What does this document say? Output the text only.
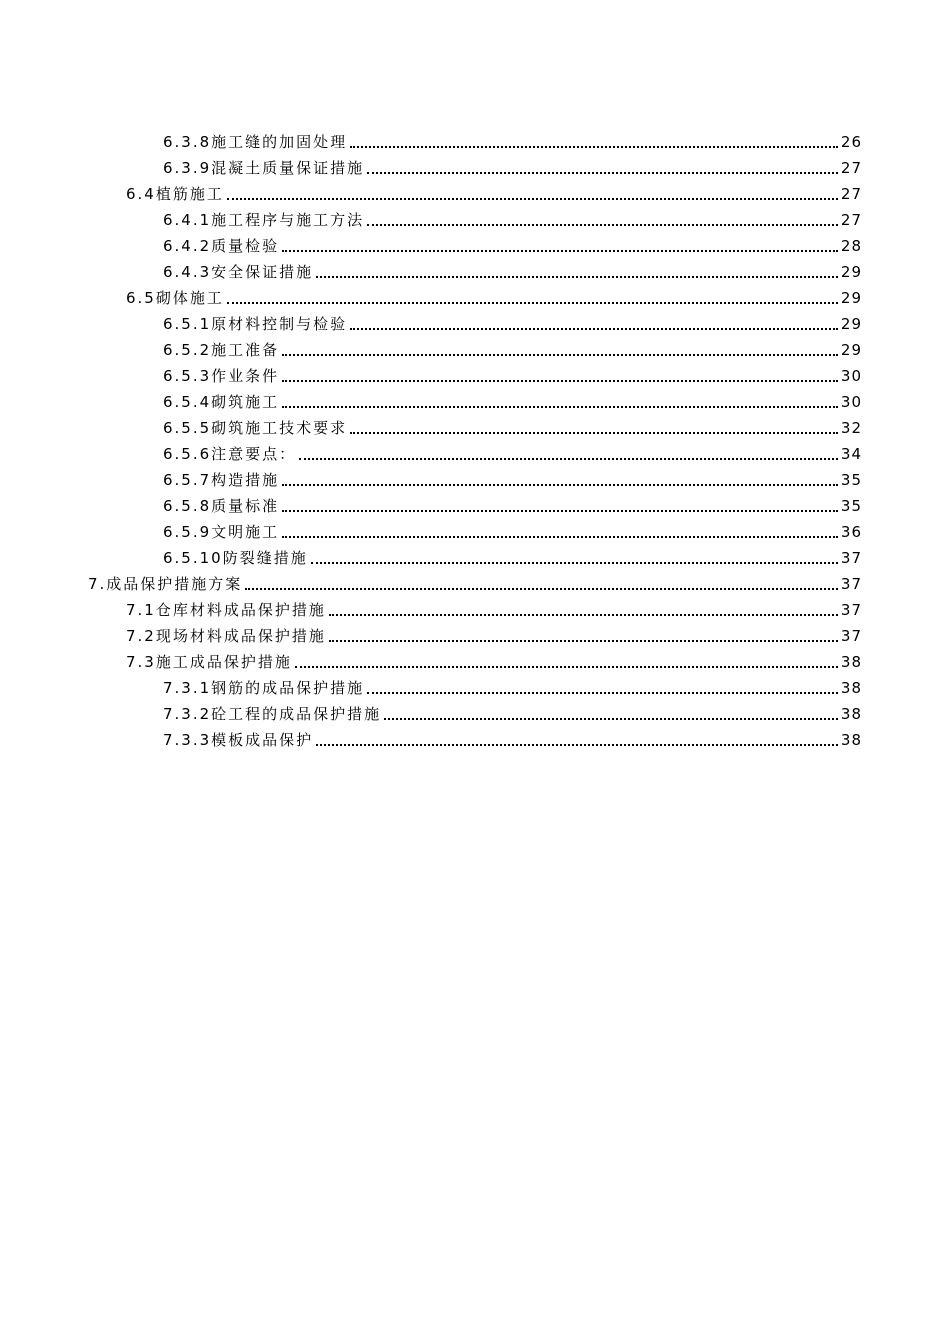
6.3.8施工缝的加固处理	26
6.3.9混凝土质量保证措施	27
6.4植筋施工	27
6.4.1施工程序与施工方法	27
6.4.2质量检验	28
6.4.3安全保证措施	29
6.5砌体施工	29
6.5.1原材料控制与检验	29
6.5.2施工准备	29
6.5.3作业条件	30
6.5.4砌筑施工	30
6.5.5砌筑施工技术要求	32
6.5.6注意要点：	34
6.5.7构造措施	35
6.5.8质量标准	35
6.5.9文明施工	36
6.5.10防裂缝措施	37
7.成品保护措施方案	37
7.1仓库材料成品保护措施	37
7.2现场材料成品保护措施	37
7.3施工成品保护措施	38
7.3.1钢筋的成品保护措施	38
7.3.2砼工程的成品保护措施	38
7.3.3模板成品保护	38
